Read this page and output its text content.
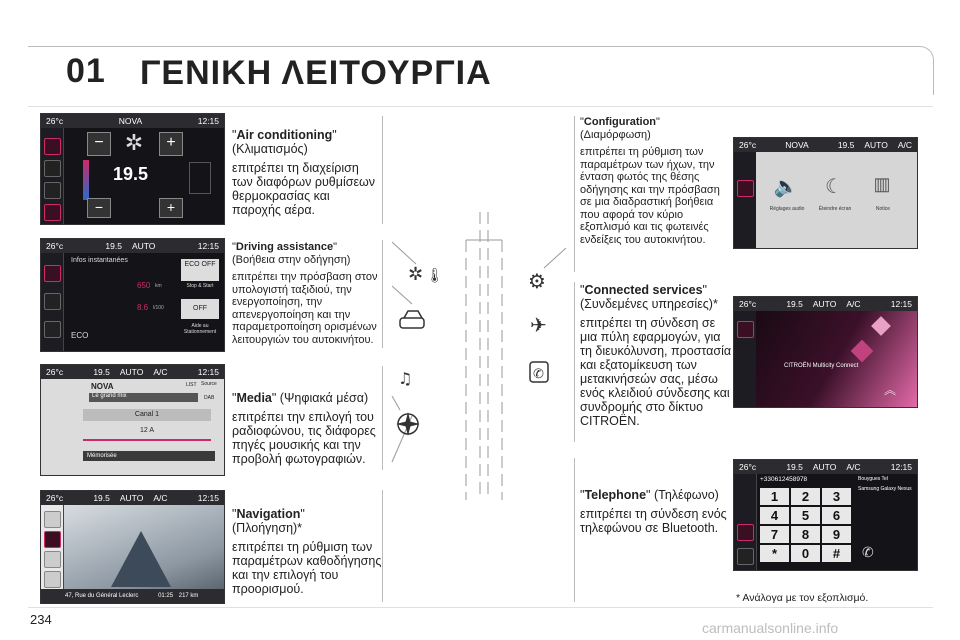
01 ΓΕΝΙΚΗ ΛΕΙΤΟΥΡΓΙΑ
26°c	NOVA	12:15
− ✲	+
19.5
−	+
26°c	19.5	AUTO	12:15
Infos instantanées
650 km
8.6 l/100
ECO
ECO OFF
Stop & Start
OFF
Aide au Stationnement
26°c	19.5	AUTO	A/C	12:15
NOVA
Le grand mix
LIST Source
DAB
Canal 1
12 A
Mémorisée
26°c	19.5	AUTO	A/C	12:15
47, Rue du Général Leclerc	01:25 217 km
"Air conditioning"
(Κλιματισμός)
επιτρέπει τη διαχείριση των διαφόρων ρυθμίσεων θερμοκρασίας και παροχής αέρα.
"Driving assistance" (Βοήθεια στην οδήγηση)
επιτρέπει την πρόσβαση στον υπολογιστή ταξιδιού, την ενεργοποίηση, την απενεργοποίηση και την παραμετροποίηση ορισμένων λειτουργιών του αυτοκινήτου.
"Media" (Ψηφιακά μέσα)
επιτρέπει την επιλογή του ραδιοφώνου, τις διάφορες πηγές μουσικής και την προβολή φωτογραφιών.
"Navigation"
(Πλοήγηση)*
επιτρέπει τη ρύθμιση των παραμέτρων καθοδήγησης και την επιλογή του προορισμού.
✲ 🌡
♫
⚙
✈
✆
"Configuration"
(Διαμόρφωση)
επιτρέπει τη ρύθμιση των παραμέτρων των ήχων, την ένταση φωτός της θέσης οδήγησης και την πρόσβαση σε μια διαδραστική βοήθεια που αφορά τον κύριο εξοπλισμό και τις φωτεινές ενδείξεις του αυτοκινήτου.
"Connected services"
(Συνδεμένες υπηρεσίες)*
επιτρέπει τη σύνδεση σε μια πύλη εφαρμογών, για τη διευκόλυνση, προστασία και εξατομίκευση των μετακινήσεών σας, μέσω ενός κλειδιού σύνδεσης και συνδρομής στο δίκτυο CITROËN.
"Telephone" (Τηλέφωνο)
επιτρέπει τη σύνδεση ενός τηλεφώνου σε Bluetooth.
26°c	NOVA	19.5	AUTO	A/C
🔈	☾	▥
Réglages audio	Éteindre écran	Notice
26°c	19.5	AUTO	A/C	12:15
CITROËN Multicity Connect
︽
26°c	19.5	AUTO	A/C	12:15
+330612458978	Bouygues Tel
Samsung Galaxy Nexus
1	2	3
4	5	6
7	8	9
*	0	#	✆
* Ανάλογα με τον εξοπλισμό.
234
carmanualsonline.info
